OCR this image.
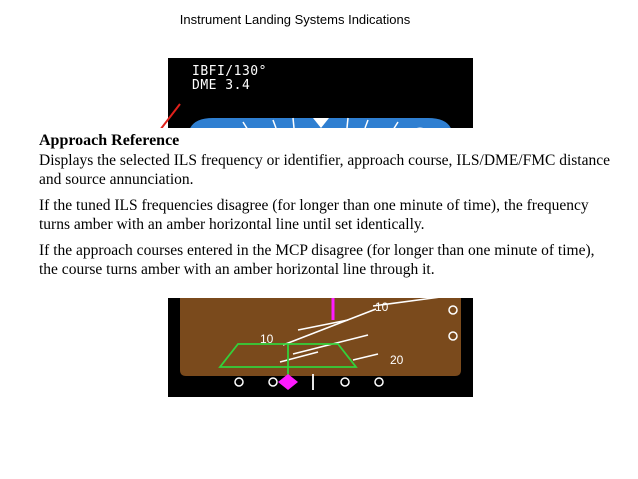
Instrument Landing Systems Indications
10
10
20
IBFI/130°
DME 3.4
Approach Reference

Displays the selected ILS frequency or identifier, approach course, ILS/DME/FMC distance and source annunciation.

If the tuned ILS frequencies disagree (for longer than one minute of time), the frequency turns amber with an amber horizontal line until set identically.

If the approach courses entered in the MCP disagree (for longer than one minute of time), the course turns amber with an amber horizontal line through it.
